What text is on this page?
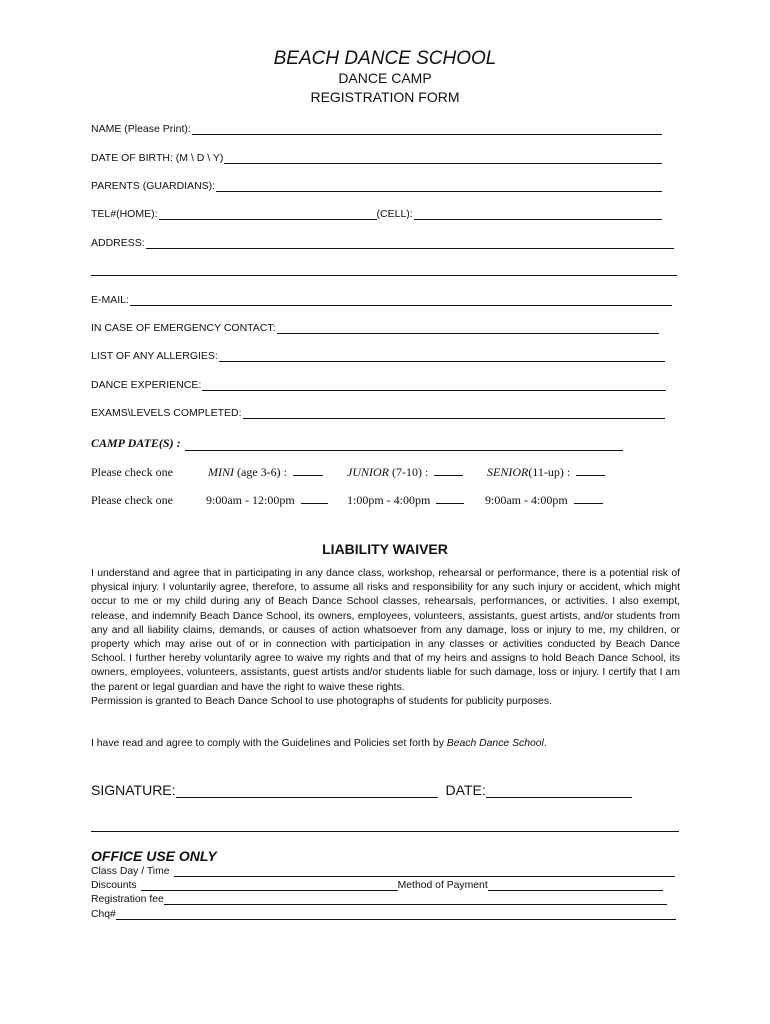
BEACH DANCE SCHOOL
DANCE CAMP
REGISTRATION FORM
NAME (Please Print):
DATE OF BIRTH: (M \ D \ Y)
PARENTS (GUARDIANS):
TEL#(HOME):	(CELL):
ADDRESS:
E-MAIL:
IN CASE OF EMERGENCY CONTACT:
LIST OF ANY ALLERGIES:
DANCE EXPERIENCE:
EXAMS\LEVELS COMPLETED:
CAMP DATE(S) :
Please check one	MINI (age 3-6) :	JUNIOR (7-10) :	SENIOR(11-up) :
Please check one	9:00am - 12:00pm	1:00pm - 4:00pm	9:00am - 4:00pm
LIABILITY WAIVER
I understand and agree that in participating in any dance class, workshop, rehearsal or performance, there is a potential risk of physical injury. I voluntarily agree, therefore, to assume all risks and responsibility for any such injury or accident, which might occur to me or my child during any of Beach Dance School classes, rehearsals, performances, or activities. I also exempt, release, and indemnify Beach Dance School, its owners, employees, volunteers, assistants, guest artists, and/or students from any and all liability claims, demands, or causes of action whatsoever from any damage, loss or injury to me, my children, or property which may arise out of or in connection with participation in any classes or activities conducted by Beach Dance School. I further hereby voluntarily agree to waive my rights and that of my heirs and assigns to hold Beach Dance School, its owners, employees, volunteers, assistants, guest artists and/or students liable for such damage, loss or injury. I certify that I am the parent or legal guardian and have the right to waive these rights.
Permission is granted to Beach Dance School to use photographs of students for publicity purposes.
I have read and agree to comply with the Guidelines and Policies set forth by Beach Dance School.
SIGNATURE:	DATE:
OFFICE USE ONLY
Class Day / Time
Discounts	Method of Payment
Registration fee
Chq#
